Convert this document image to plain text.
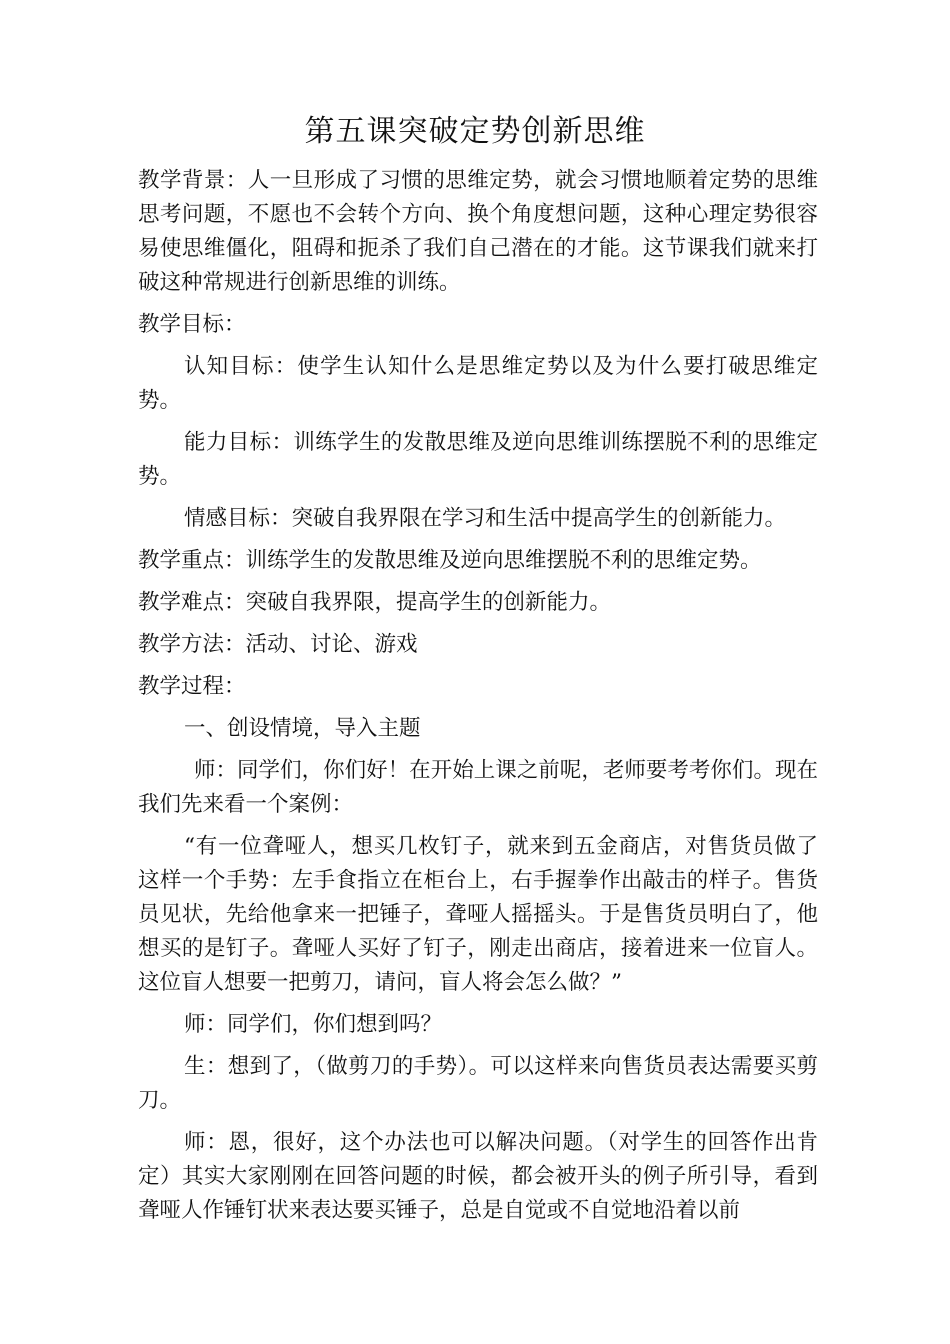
第五课突破定势创新思维

教学背景：人一旦形成了习惯的思维定势，就会习惯地顺着定势的思维思考问题，不愿也不会转个方向、换个角度想问题，这种心理定势很容易使思维僵化，阻碍和扼杀了我们自己潜在的才能。这节课我们就来打破这种常规进行创新思维的训练。

教学目标：

认知目标：使学生认知什么是思维定势以及为什么要打破思维定势。

能力目标：训练学生的发散思维及逆向思维训练摆脱不利的思维定势。

情感目标：突破自我界限在学习和生活中提高学生的创新能力。

教学重点：训练学生的发散思维及逆向思维摆脱不利的思维定势。

教学难点：突破自我界限，提高学生的创新能力。

教学方法：活动、讨论、游戏

教学过程：

一、创设情境，导入主题

师：同学们，你们好！在开始上课之前呢，老师要考考你们。现在我们先来看一个案例：

“有一位聋哑人，想买几枚钉子，就来到五金商店，对售货员做了这样一个手势：左手食指立在柜台上，右手握拳作出敲击的样子。售货员见状，先给他拿来一把锤子，聋哑人摇摇头。于是售货员明白了，他想买的是钉子。聋哑人买好了钉子，刚走出商店，接着进来一位盲人。这位盲人想要一把剪刀，请问，盲人将会怎么做？”

师：同学们，你们想到吗？

生：想到了，（做剪刀的手势）。可以这样来向售货员表达需要买剪刀。

师：恩，很好，这个办法也可以解决问题。（对学生的回答作出肯定）其实大家刚刚在回答问题的时候，都会被开头的例子所引导，看到聋哑人作锤钉状来表达要买锤子，总是自觉或不自觉地沿着以前
